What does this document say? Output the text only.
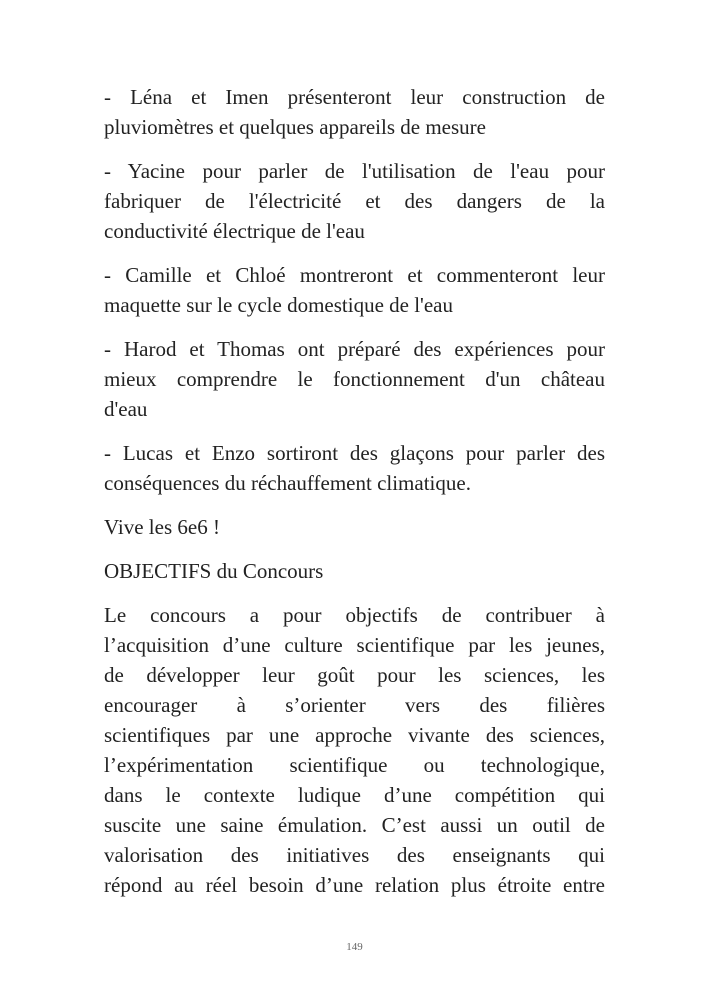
- Léna et Imen présenteront leur construction de
pluviomètres et quelques appareils de mesure

- Yacine pour parler de l'utilisation de l'eau pour
fabriquer de l'électricité et des dangers de la
conductivité électrique de l'eau

- Camille et Chloé montreront et commenteront leur
maquette sur le cycle domestique de l'eau

- Harod et Thomas ont préparé des expériences pour
mieux comprendre le fonctionnement d'un château
d'eau

- Lucas et Enzo sortiront des glaçons pour parler des
conséquences du réchauffement climatique.

Vive les 6e6 !

OBJECTIFS du Concours

Le concours a pour objectifs de contribuer à
l’acquisition d’une culture scientifique par les jeunes,
de développer leur goût pour les sciences, les
encourager à s’orienter vers des filières
scientifiques par une approche vivante des sciences,
l’expérimentation scientifique ou technologique,
dans le contexte ludique d’une compétition qui
suscite une saine émulation. C’est aussi un outil de
valorisation des initiatives des enseignants qui
répond au réel besoin d’une relation plus étroite entre

149
